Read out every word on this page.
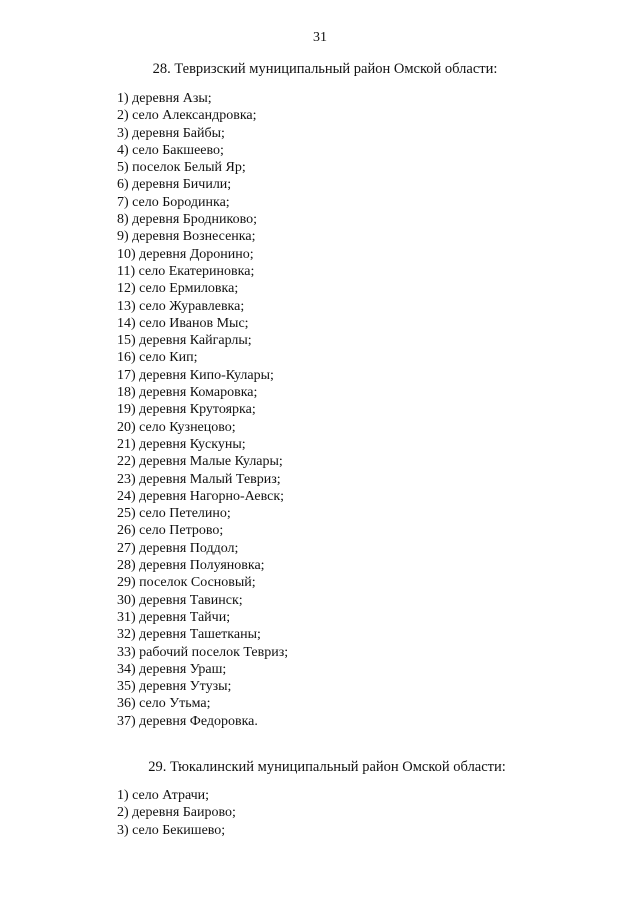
31
28. Тевризский муниципальный район Омской области:
1) деревня Азы;
2) село Александровка;
3) деревня Байбы;
4) село Бакшеево;
5) поселок Белый Яр;
6) деревня Бичили;
7) село Бородинка;
8) деревня Бродниково;
9) деревня Вознесенка;
10) деревня Доронино;
11) село Екатериновка;
12) село Ермиловка;
13) село Журавлевка;
14) село Иванов Мыс;
15) деревня Кайгарлы;
16) село Кип;
17) деревня Кипо-Кулары;
18) деревня Комаровка;
19) деревня Крутоярка;
20) село Кузнецово;
21) деревня Кускуны;
22) деревня Малые Кулары;
23) деревня Малый Тевриз;
24) деревня Нагорно-Аевск;
25) село Петелино;
26) село Петрово;
27) деревня Поддол;
28) деревня Полуяновка;
29) поселок Сосновый;
30) деревня Тавинск;
31) деревня Тайчи;
32) деревня Ташетканы;
33) рабочий поселок Тевриз;
34) деревня Ураш;
35) деревня Утузы;
36) село Утьма;
37) деревня Федоровка.
29. Тюкалинский муниципальный район Омской области:
1) село Атрачи;
2) деревня Баирово;
3) село Бекишево;
